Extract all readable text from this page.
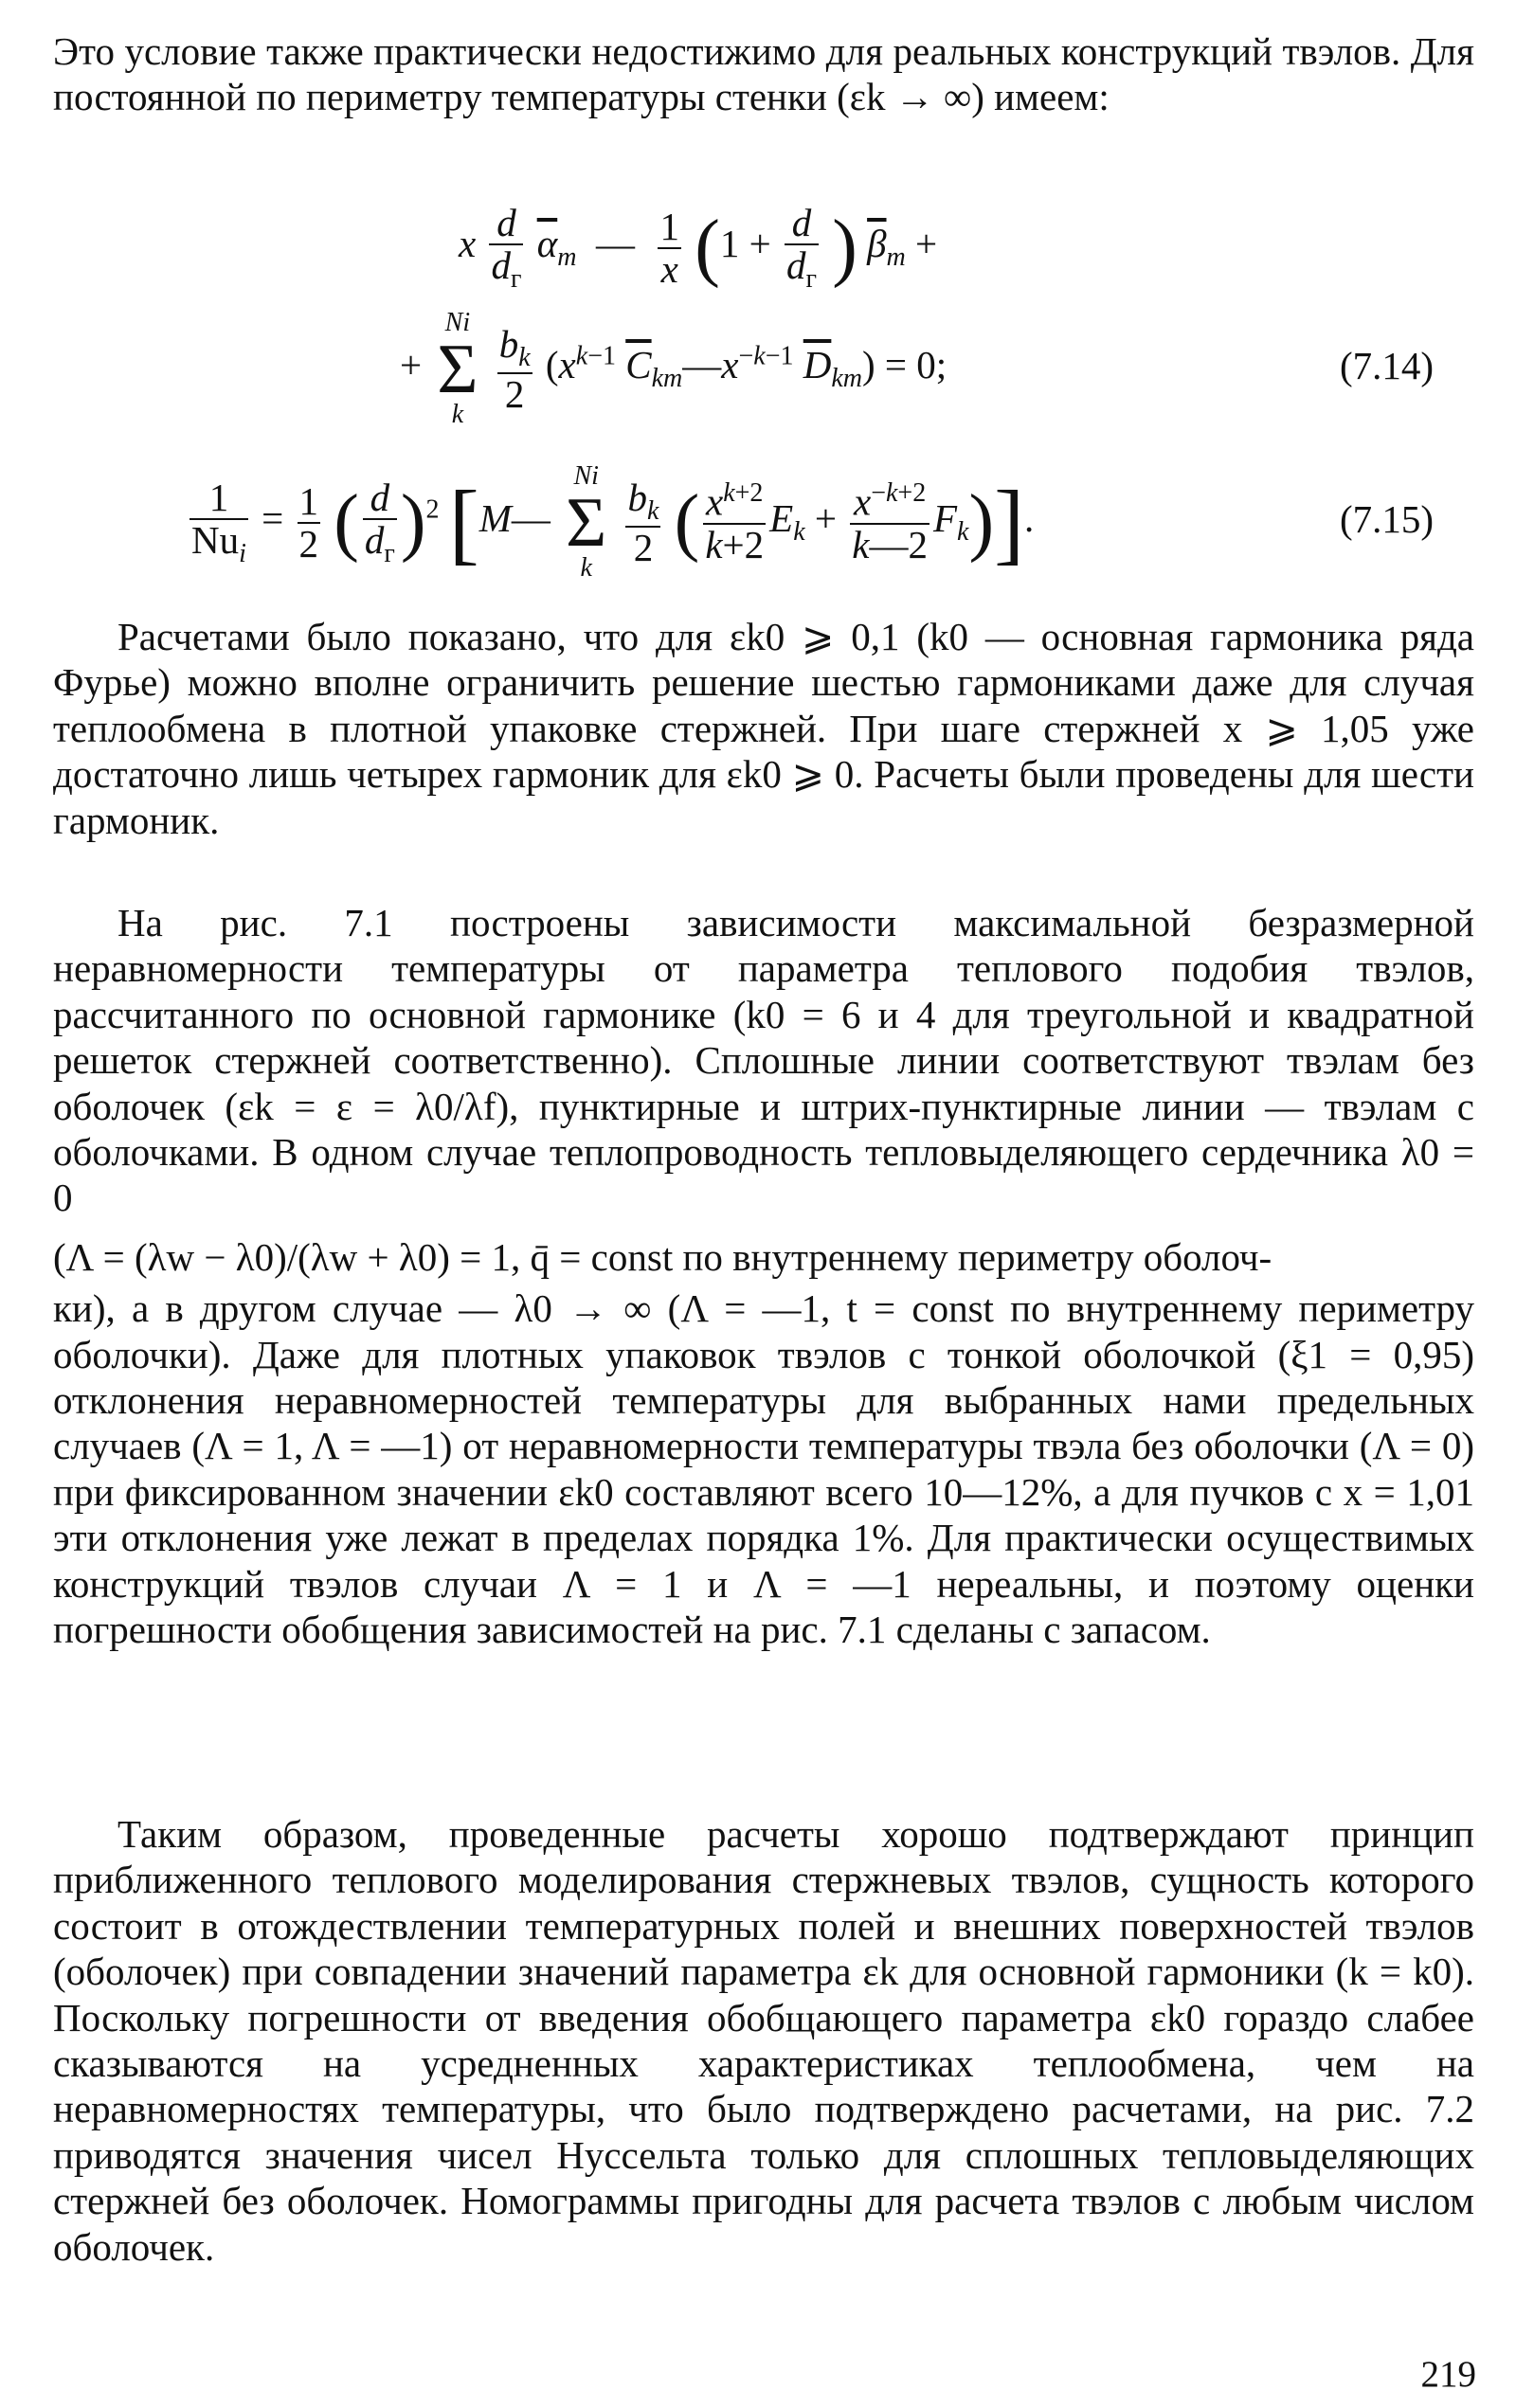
Это условие также практически недостижимо для реальных конструкций твэлов. Для постоянной по периметру температуры стенки (εk → ∞) имеем:

x $\frac{d}{d_г} \overline{\alpha}_m$  — $\frac{1}{x} (1 + \frac{d}{d_г}$ ) $\overline{\beta}_m$ +
+
Ni
Σ
k
$\frac{b_k}{2} (x^{k-1}$ $\overline{C}_{km}—x^{-k-1}$ $\overline{D}_{km}) = 0$;	(7.14)
$\frac{1}{Nu_i} = \frac{1}{2}$ ( $\frac{d}{d_г} )^2$ [M—
Ni
Σ
k
$\frac{b_k}{2}$ ( $\frac{x^{k+2}}{k+2} E_k + \frac{x^{-k+2}}{k—2} F_k$)].	(7.15)

Расчетами было показано, что для εk0 ⩾ 0,1 (k0 — основная гармоника ряда Фурье) можно вполне ограничить решение шестью гармониками даже для случая теплообмена в плотной упаковке стержней. При шаге стержней x ⩾ 1,05 уже достаточно лишь четырех гармоник для εk0 ⩾ 0. Расчеты были проведены для шести гармоник.

На рис. 7.1 построены зависимости максимальной безразмерной неравномерности температуры от параметра теплового подобия твэлов, рассчитанного по основной гармонике (k0 = 6 и 4 для треугольной и квадратной решеток стержней соответственно). Сплошные линии соответствуют твэлам без оболочек (εk = ε = λ0/λf), пунктирные и штрих-пунктирные линии — твэлам с оболочками. В одном случае теплопроводность тепловыделяющего сердечника λ0 = 0

(Λ = (λw − λ0)/(λw + λ0) = 1, q̄ = const по внутреннему периметру оболоч-

ки), а в другом случае — λ0 → ∞ (Λ = —1, t = const по внутреннему периметру оболочки). Даже для плотных упаковок твэлов с тонкой оболочкой (ξ1 = 0,95) отклонения неравномерностей температуры для выбранных нами предельных случаев (Λ = 1, Λ = —1) от неравномерности температуры твэла без оболочки (Λ = 0) при фиксированном значении εk0 составляют всего 10—12%, а для пучков с x = 1,01 эти отклонения уже лежат в пределах порядка 1%. Для практически осуществимых конструкций твэлов случаи Λ = 1 и Λ = —1 нереальны, и поэтому оценки погрешности обобщения зависимостей на рис. 7.1 сделаны с запасом.

Таким образом, проведенные расчеты хорошо подтверждают принцип приближенного теплового моделирования стержневых твэлов, сущность которого состоит в отождествлении температурных полей и внешних поверхностей твэлов (оболочек) при совпадении значений параметра εk для основной гармоники (k = k0). Поскольку погрешности от введения обобщающего параметра εk0 гораздо слабее сказываются на усредненных характеристиках теплообмена, чем на неравномерностях температуры, что было подтверждено расчетами, на рис. 7.2 приводятся значения чисел Нуссельта только для сплошных тепловыделяющих стержней без оболочек. Номограммы пригодны для расчета твэлов с любым числом оболочек.

219
